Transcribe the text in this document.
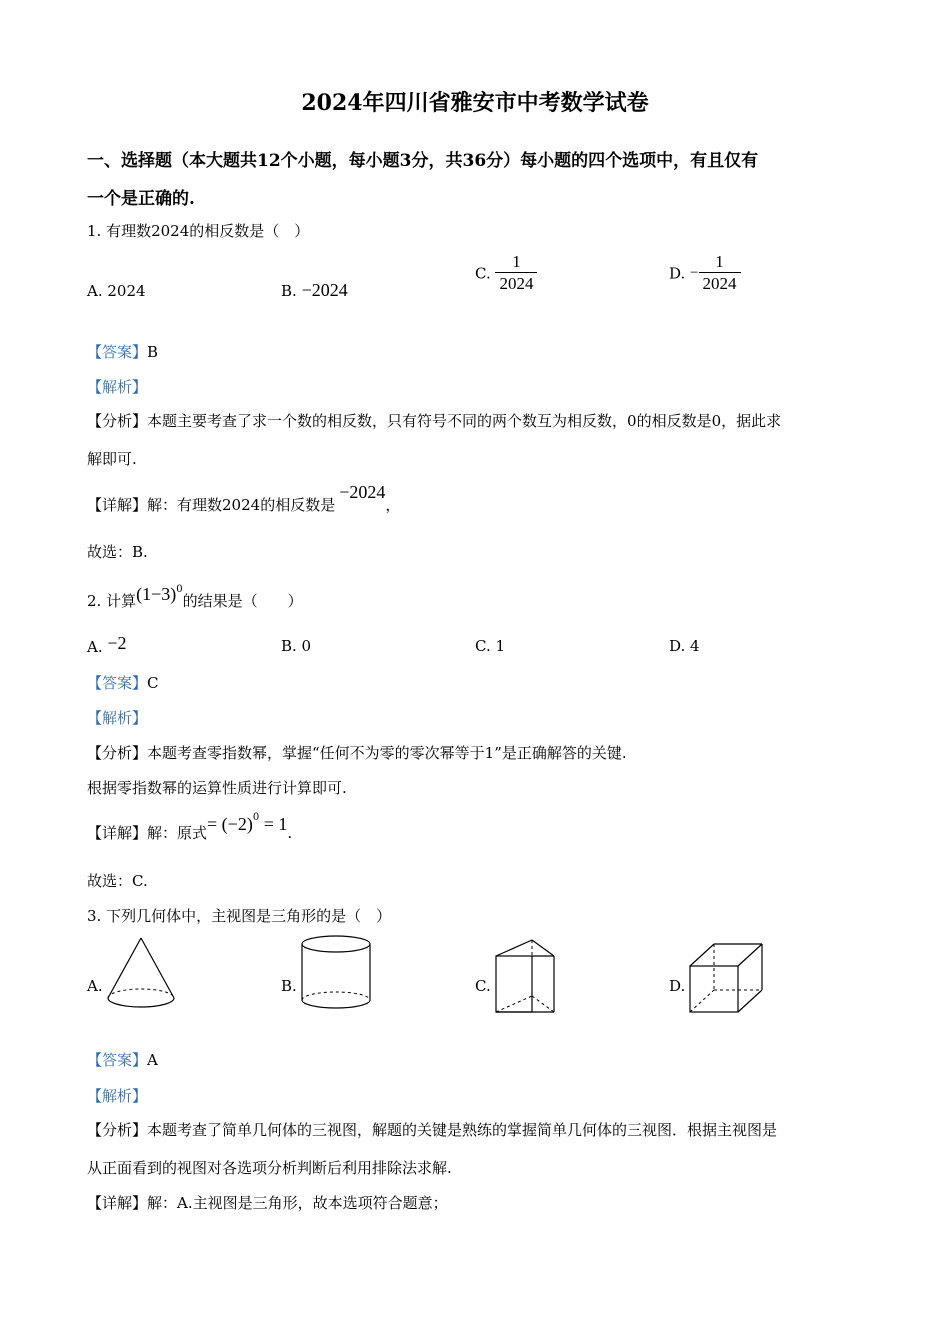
2024年四川省雅安市中考数学试卷
一、选择题（本大题共12个小题，每小题3分，共36分）每小题的四个选项中，有且仅有
一个是正确的.
1. 有理数2024的相反数是（　）
A. 2024	B. −2024
C. $\frac{1}{2024}$	D. − $\frac{1}{2024}$
【答案】B
【解析】
【分析】本题主要考查了求一个数的相反数，只有符号不同的两个数互为相反数，0的相反数是0，据此求
解即可.
【详解】解：有理数2024的相反数是−2024，
故选：B.
2. 计算$(1-3)^0$的结果是（　　）
A. −2	B. 0	C. 1	D. 4
【答案】C
【解析】
【分析】本题考查零指数幂，掌握“任何不为零的零次幂等于1”是正确解答的关键.
根据零指数幂的运算性质进行计算即可.
【详解】解：原式= $(-2)^0 = 1$.
故选：C.
3. 下列几何体中，主视图是三角形的是（　）
A.	B.	C.	D.
【答案】A
【解析】
【分析】本题考查了简单几何体的三视图，解题的关键是熟练的掌握简单几何体的三视图．根据主视图是
从正面看到的视图对各选项分析判断后利用排除法求解.
【详解】解：A.主视图是三角形，故本选项符合题意；
